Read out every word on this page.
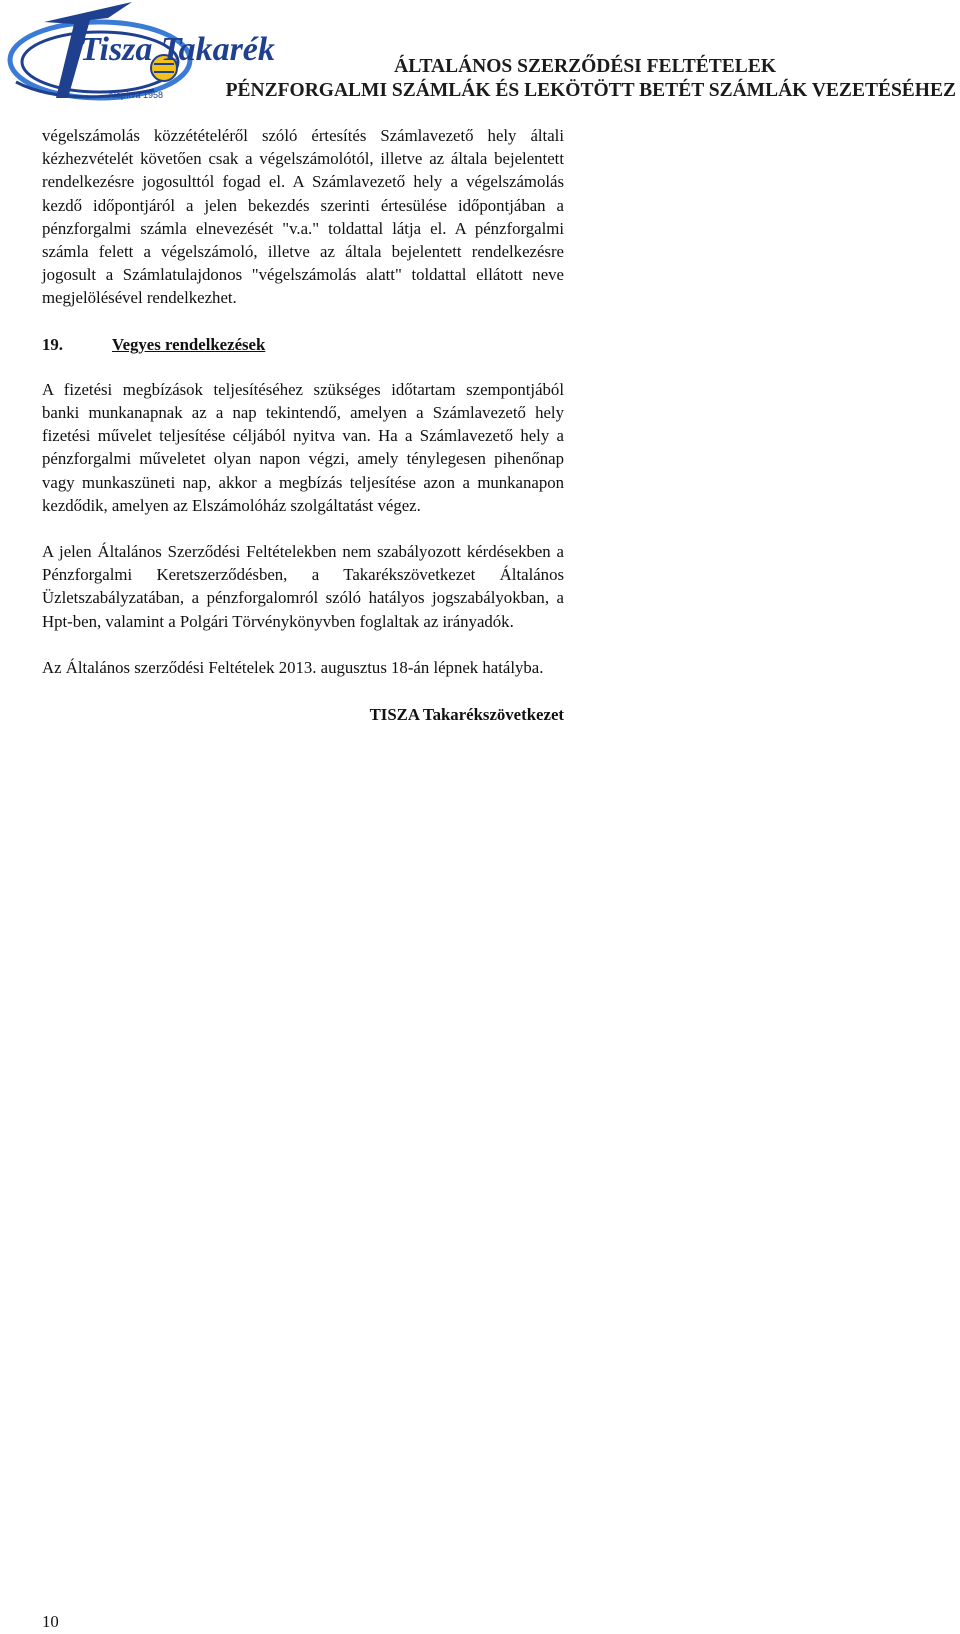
Tisza Takarék
Alapítva 1958
ÁLTALÁNOS SZERZŐDÉSI FELTÉTELEK
PÉNZFORGALMI SZÁMLÁK ÉS LEKÖTÖTT BETÉT SZÁMLÁK VEZETÉSÉHEZ

végelszámolás közzétételéről szóló értesítés Számlavezető hely általi kézhezvételét követően csak a végelszámolótól, illetve az általa bejelentett rendelkezésre jogosulttól fogad el. A Számlavezető hely a végelszámolás kezdő időpontjáról a jelen bekezdés szerinti értesülése időpontjában a pénzforgalmi számla elnevezését "v.a." toldattal látja el. A pénzforgalmi számla felett a végelszámoló, illetve az általa bejelentett rendelkezésre jogosult a Számlatulajdonos "végelszámolás alatt" toldattal ellátott neve megjelölésével rendelkezhet.

19.	Vegyes rendelkezések

A fizetési megbízások teljesítéséhez szükséges időtartam szempontjából banki munkanapnak az a nap tekintendő, amelyen a Számlavezető hely fizetési művelet teljesítése céljából nyitva van. Ha a Számlavezető hely a pénzforgalmi műveletet olyan napon végzi, amely ténylegesen pihenőnap vagy munkaszüneti nap, akkor a megbízás teljesítése azon a munkanapon kezdődik, amelyen az Elszámolóház szolgáltatást végez.

A jelen Általános Szerződési Feltételekben nem szabályozott kérdésekben a Pénzforgalmi Keretszerződésben, a Takarékszövetkezet Általános Üzletszabályzatában, a pénzforgalomról szóló hatályos jogszabályokban, a Hpt-ben, valamint a Polgári Törvénykönyvben foglaltak az irányadók.

Az Általános szerződési Feltételek 2013. augusztus 18-án lépnek hatályba.

TISZA Takarékszövetkezet
10
